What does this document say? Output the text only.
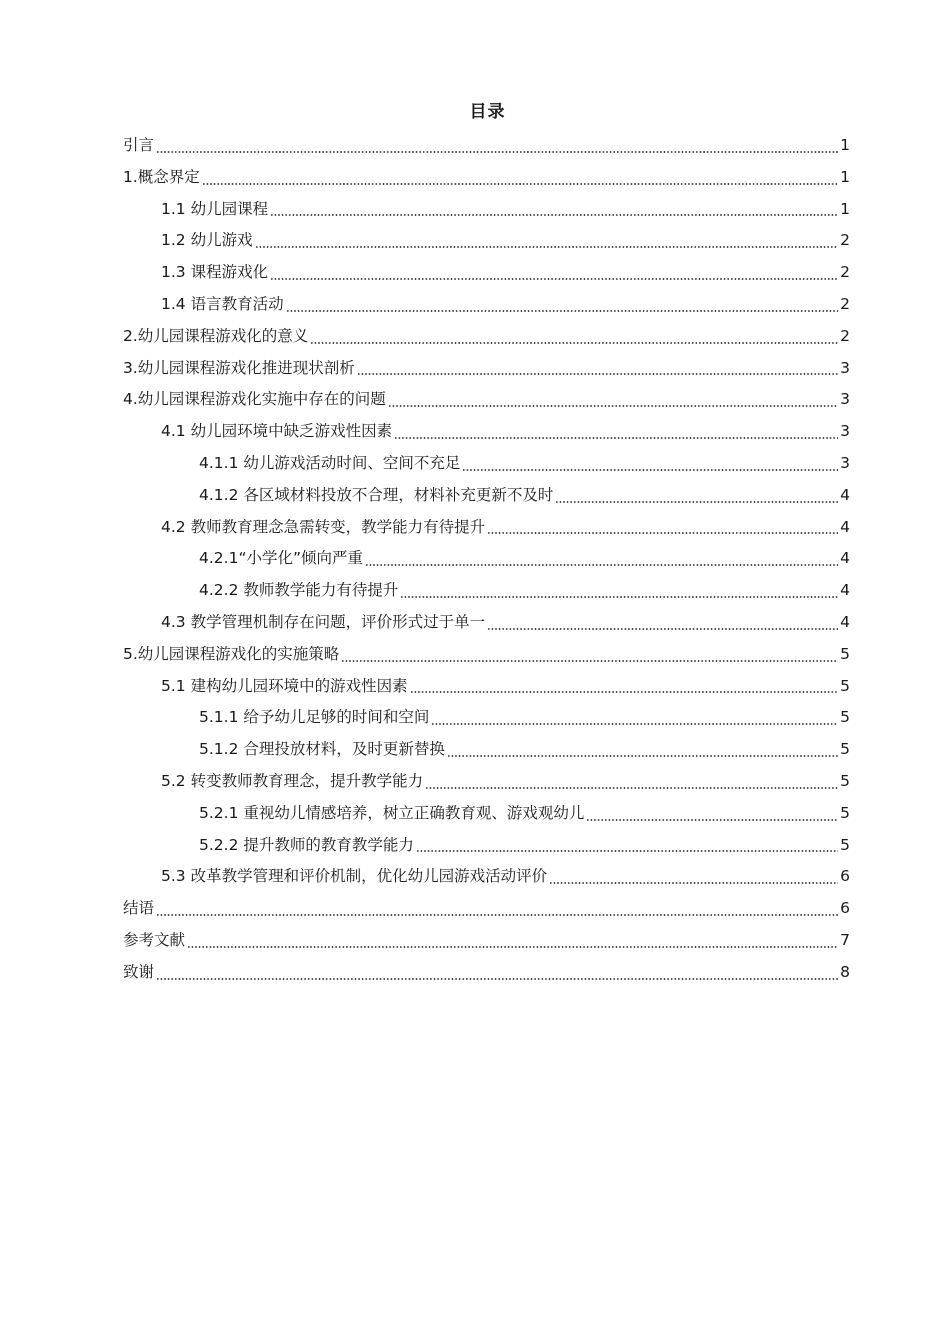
目录
引言	1
1.概念界定	1
1.1 幼儿园课程	1
1.2 幼儿游戏	2
1.3 课程游戏化	2
1.4 语言教育活动	2
2.幼儿园课程游戏化的意义	2
3.幼儿园课程游戏化推进现状剖析	3
4.幼儿园课程游戏化实施中存在的问题	3
4.1 幼儿园环境中缺乏游戏性因素	3
4.1.1 幼儿游戏活动时间、空间不充足	3
4.1.2 各区域材料投放不合理，材料补充更新不及时	4
4.2 教师教育理念急需转变，教学能力有待提升	4
4.2.1“小学化”倾向严重	4
4.2.2 教师教学能力有待提升	4
4.3 教学管理机制存在问题，评价形式过于单一	4
5.幼儿园课程游戏化的实施策略	5
5.1 建构幼儿园环境中的游戏性因素	5
5.1.1 给予幼儿足够的时间和空间	5
5.1.2 合理投放材料，及时更新替换	5
5.2 转变教师教育理念，提升教学能力	5
5.2.1 重视幼儿情感培养，树立正确教育观、游戏观幼儿	5
5.2.2 提升教师的教育教学能力	5
5.3 改革教学管理和评价机制，优化幼儿园游戏活动评价	6
结语	6
参考文献	7
致谢	8
